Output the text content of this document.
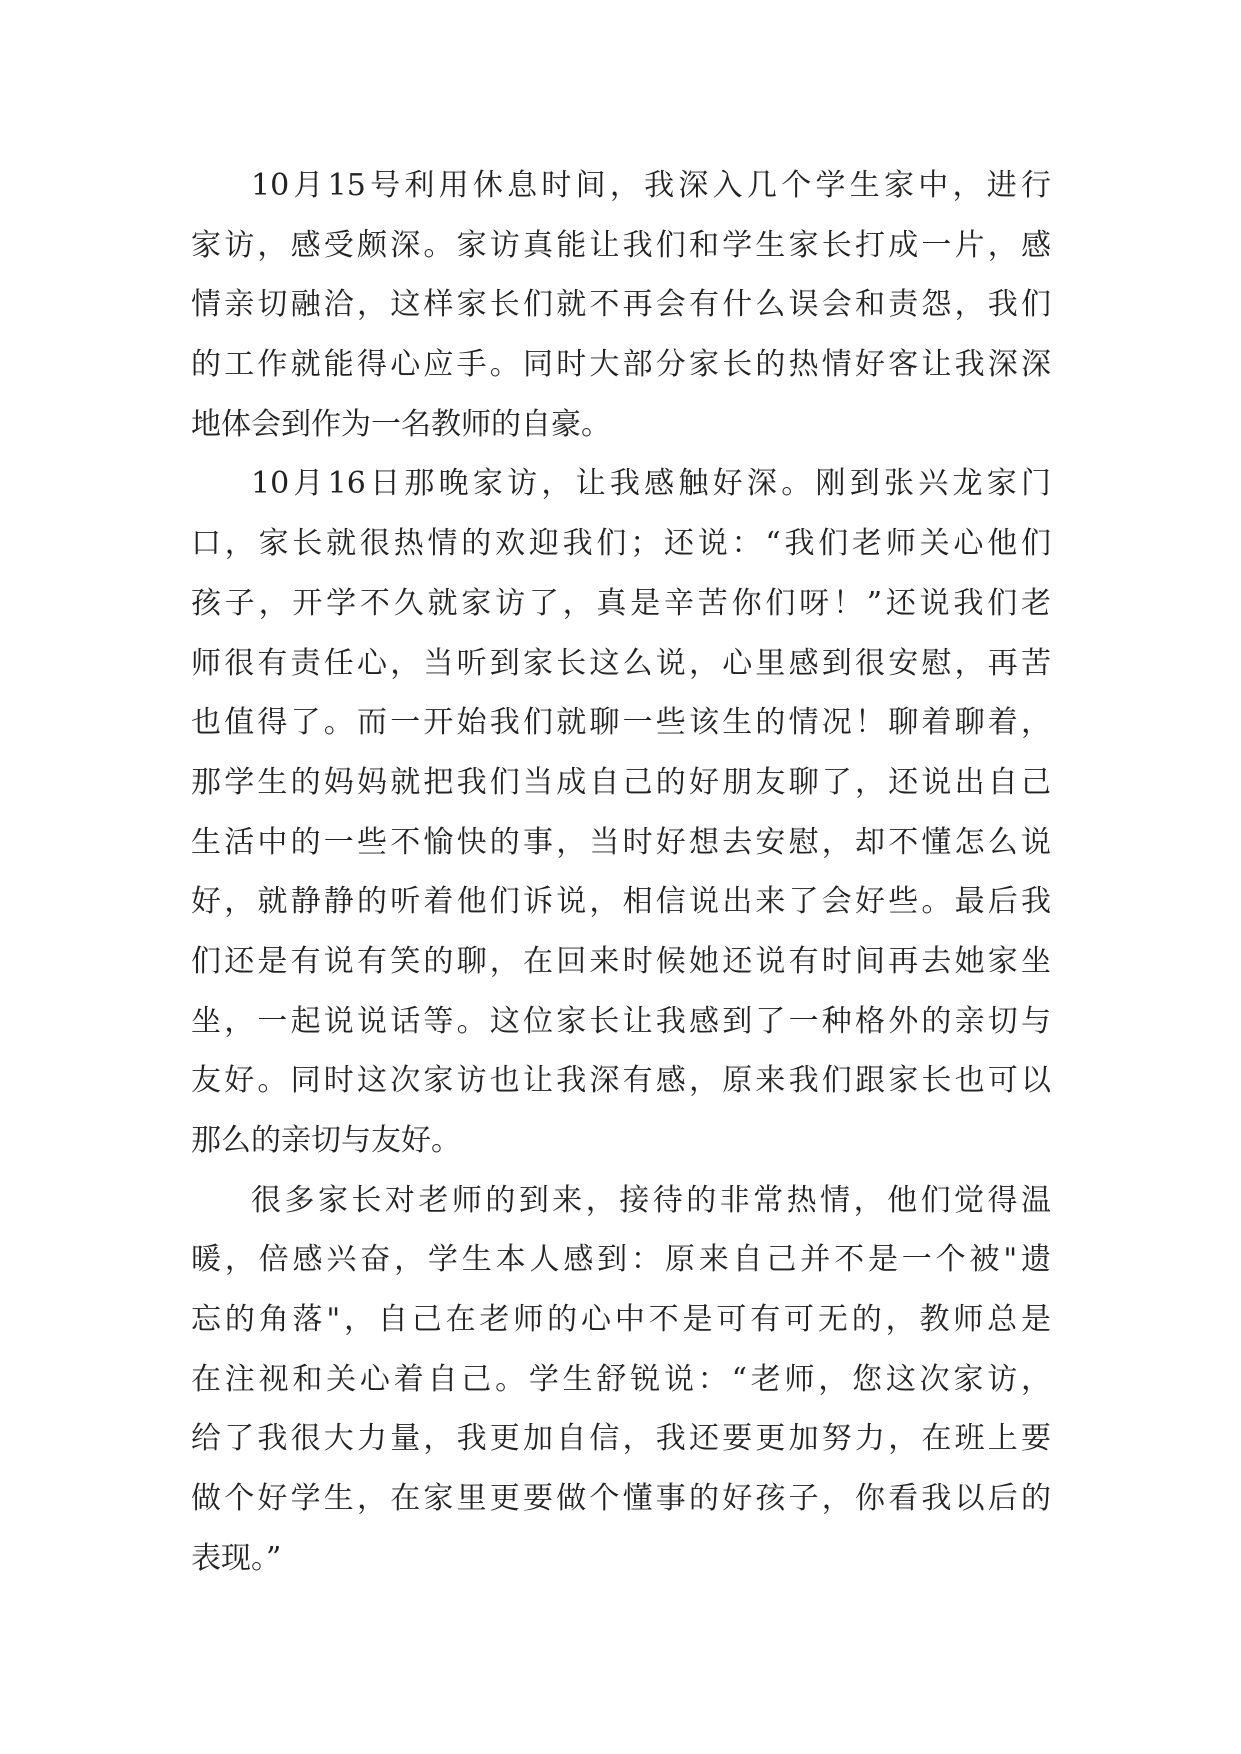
10月15号利用休息时间，我深入几个学生家中，进行
家访，感受颇深。家访真能让我们和学生家长打成一片，感
情亲切融洽，这样家长们就不再会有什么误会和责怨，我们
的工作就能得心应手。同时大部分家长的热情好客让我深深
地体会到作为一名教师的自豪。
10月16日那晚家访，让我感触好深。刚到张兴龙家门
口，家长就很热情的欢迎我们；还说：“我们老师关心他们
孩子，开学不久就家访了，真是辛苦你们呀！”还说我们老
师很有责任心，当听到家长这么说，心里感到很安慰，再苦
也值得了。而一开始我们就聊一些该生的情况！聊着聊着，
那学生的妈妈就把我们当成自己的好朋友聊了，还说出自己
生活中的一些不愉快的事，当时好想去安慰，却不懂怎么说
好，就静静的听着他们诉说，相信说出来了会好些。最后我
们还是有说有笑的聊，在回来时候她还说有时间再去她家坐
坐，一起说说话等。这位家长让我感到了一种格外的亲切与
友好。同时这次家访也让我深有感，原来我们跟家长也可以
那么的亲切与友好。
很多家长对老师的到来，接待的非常热情，他们觉得温
暖，倍感兴奋，学生本人感到：原来自己并不是一个被"遗
忘的角落"，自己在老师的心中不是可有可无的，教师总是
在注视和关心着自己。学生舒锐说：“老师，您这次家访，
给了我很大力量，我更加自信，我还要更加努力，在班上要
做个好学生，在家里更要做个懂事的好孩子，你看我以后的
表现。”
